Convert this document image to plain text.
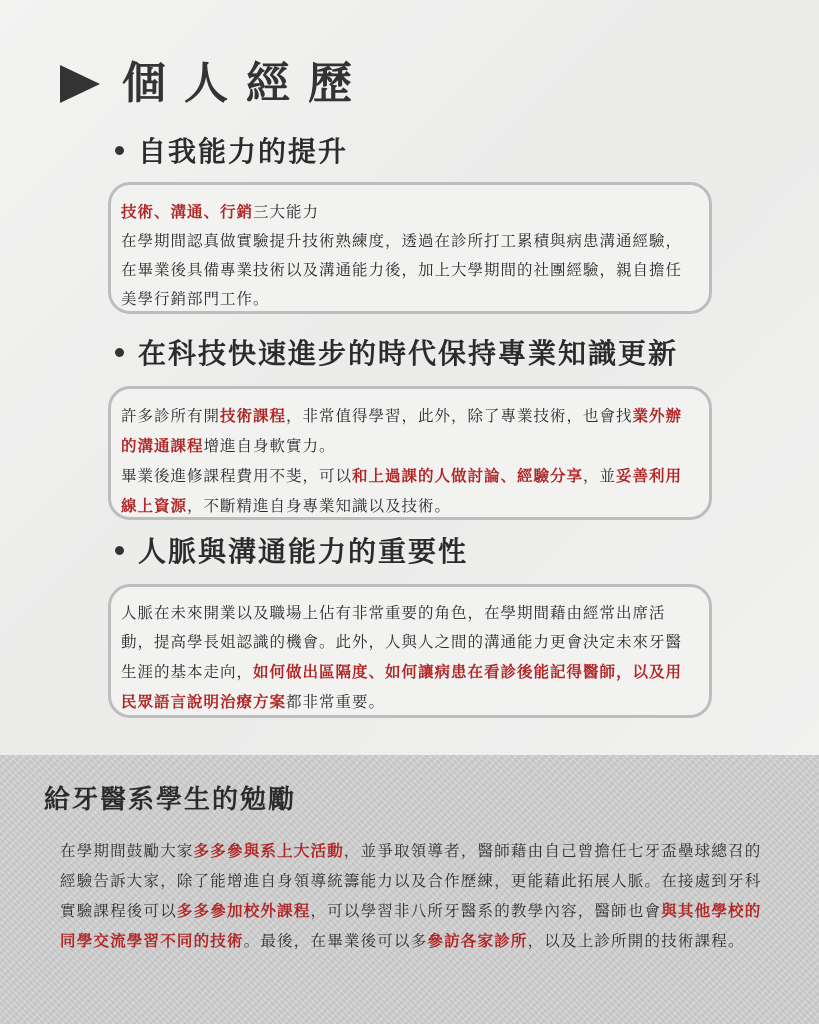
個人經歷
自我能力的提升

技術、溝通、行銷三大能力

在學期間認真做實驗提升技術熟練度，透過在診所打工累積與病患溝通經驗，在畢業後具備專業技術以及溝通能力後，加上大學期間的社團經驗，親自擔任美學行銷部門工作。

在科技快速進步的時代保持專業知識更新

許多診所有開技術課程，非常值得學習，此外，除了專業技術，也會找業外辦的溝通課程增進自身軟實力。

畢業後進修課程費用不斐，可以和上過課的人做討論、經驗分享，並妥善利用線上資源，不斷精進自身專業知識以及技術。

人脈與溝通能力的重要性

人脈在未來開業以及職場上佔有非常重要的角色，在學期間藉由經常出席活動，提高學長姐認識的機會。此外，人與人之間的溝通能力更會決定未來牙醫生涯的基本走向，如何做出區隔度、如何讓病患在看診後能記得醫師，以及用民眾語言說明治療方案都非常重要。

給牙醫系學生的勉勵
在學期間鼓勵大家多多參與系上大活動，並爭取領導者，醫師藉由自己曾擔任七牙盃壘球總召的經驗告訴大家，除了能增進自身領導統籌能力以及合作歷練，更能藉此拓展人脈。在接處到牙科實驗課程後可以多多參加校外課程，可以學習非八所牙醫系的教學內容，醫師也會與其他學校的同學交流學習不同的技術。最後，在畢業後可以多參訪各家診所，以及上診所開的技術課程。
